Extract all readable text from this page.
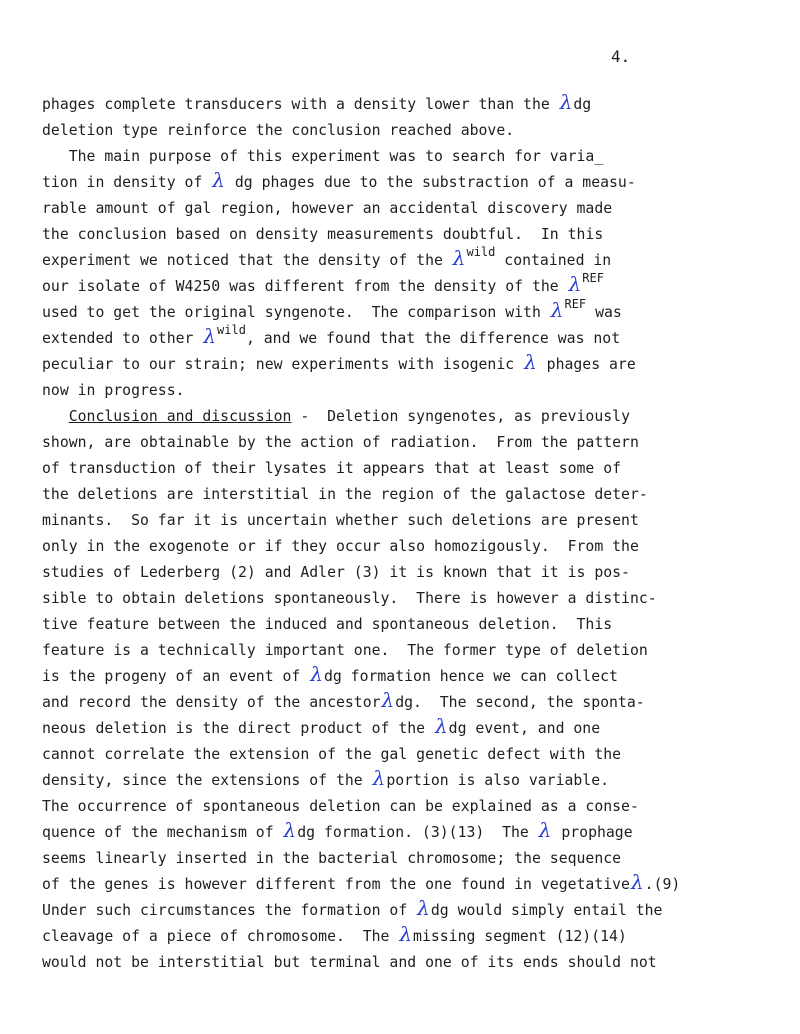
4.
phages complete transducers with a density lower than the λdg
deletion type reinforce the conclusion reached above.
The main purpose of this experiment was to search for varia_
tion in density of λ dg phages due to the substraction of a measu-
rable amount of gal region, however an accidental discovery made
the conclusion based on density measurements doubtful.  In this
experiment we noticed that the density of the $\lambda^{wild}$ contained in
our isolate of W4250 was different from the density of the $\lambda^{REF}$
used to get the original syngenote.  The comparison with $\lambda^{REF}$ was
extended to other $\lambda^{wild}$, and we found that the difference was not
peculiar to our strain; new experiments with isogenic λ phages are
now in progress.
Conclusion and discussion -  Deletion syngenotes, as previously
shown, are obtainable by the action of radiation.  From the pattern
of transduction of their lysates it appears that at least some of
the deletions are interstitial in the region of the galactose deter-
minants.  So far it is uncertain whether such deletions are present
only in the exogenote or if they occur also homozigously.  From the
studies of Lederberg (2) and Adler (3) it is known that it is pos-
sible to obtain deletions spontaneously.  There is however a distinc-
tive feature between the induced and spontaneous deletion.  This
feature is a technically important one.  The former type of deletion
is the progeny of an event of λdg formation hence we can collect
and record the density of the ancestorλdg.  The second, the sponta-
neous deletion is the direct product of the λdg event, and one
cannot correlate the extension of the gal genetic defect with the
density, since the extensions of the λportion is also variable.
The occurrence of spontaneous deletion can be explained as a conse-
quence of the mechanism of λdg formation. (3)(13)  The λ prophage
seems linearly inserted in the bacterial chromosome; the sequence
of the genes is however different from the one found in vegetativeλ.(9)
Under such circumstances the formation of λdg would simply entail the
cleavage of a piece of chromosome.  The λmissing segment (12)(14)
would not be interstitial but terminal and one of its ends should not
